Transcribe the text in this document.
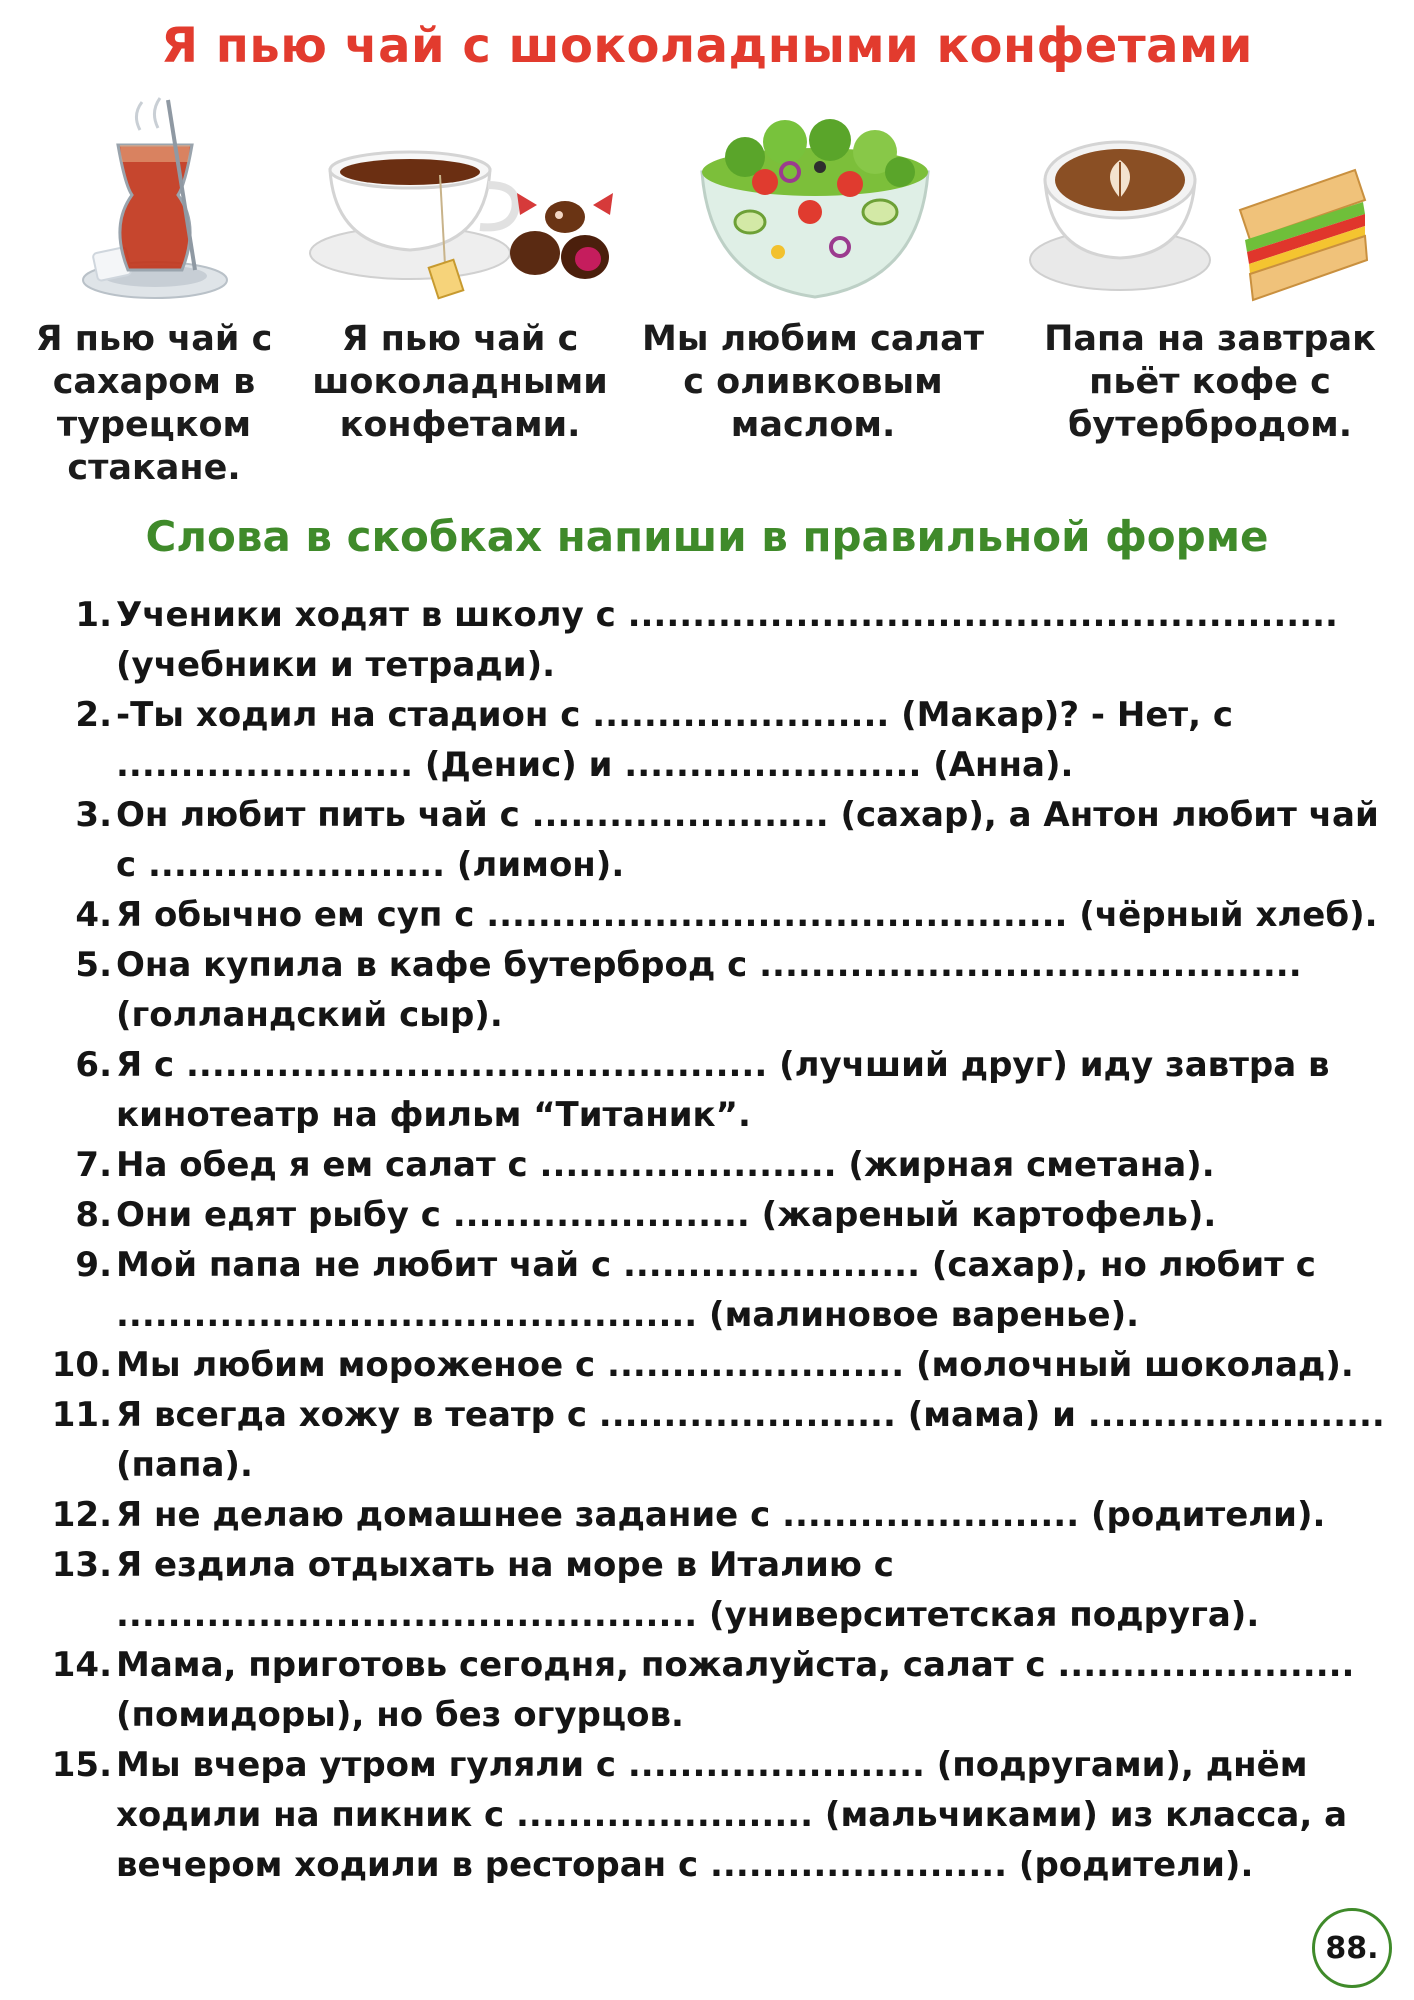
Я пью чай с шоколадными конфетами
Я пью чай с сахаром в турецком стакане.
Я пью чай с шоколадными конфетами.
Мы любим салат с оливковым маслом.
Папа на завтрак пьёт кофе с бутербродом.
Слова в скобках напиши в правильной форме
1. Ученики ходят в школу с ....................................................... (учебники и тетради).
2. -Ты ходил на стадион с ....................... (Макар)? - Нет, с ....................... (Денис) и ....................... (Анна).
3. Он любит пить чай с ....................... (сахар), а Антон любит чай с ....................... (лимон).
4. Я обычно ем суп с ............................................. (чёрный хлеб).
5. Она купила в кафе бутерброд с .......................................... (голландский сыр).
6. Я с ............................................. (лучший друг) иду завтра в кинотеатр на фильм “Титаник”.
7. На обед я ем салат с ....................... (жирная сметана).
8. Они едят рыбу с ....................... (жареный картофель).
9. Мой папа не любит чай с ....................... (сахар), но любит с ............................................. (малиновое варенье).
10. Мы любим мороженое с ....................... (молочный шоколад).
11. Я всегда хожу в театр с ....................... (мама) и ....................... (папа).
12. Я не делаю домашнее задание с ....................... (родители).
13. Я ездила отдыхать на море в Италию с ............................................. (университетская подруга).
14. Мама, приготовь сегодня, пожалуйста, салат с ....................... (помидоры), но без огурцов.
15. Мы вчера утром гуляли с ....................... (подругами), днём ходили на пикник с ....................... (мальчиками) из класса, а вечером ходили в ресторан с ....................... (родители).
88.
